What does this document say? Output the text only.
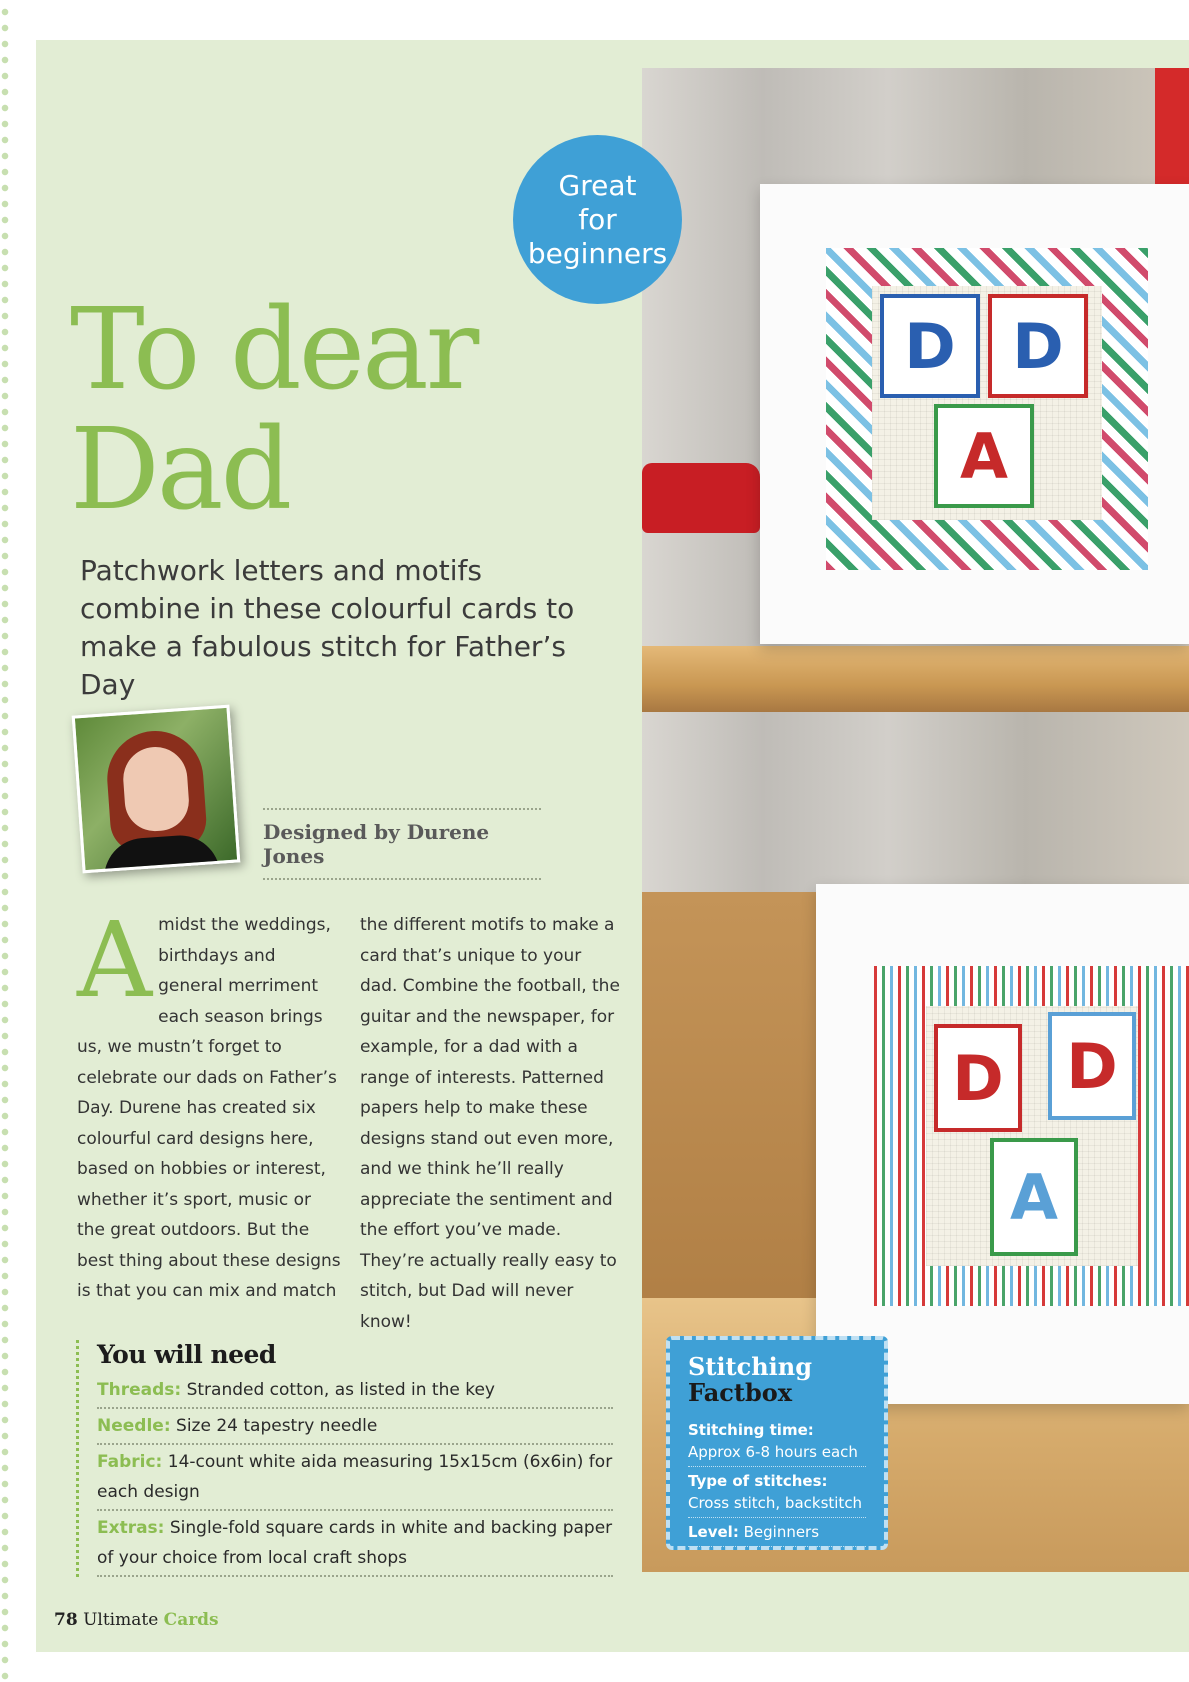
D D
A
D D
A
Great
for
beginners
To dear
Dad

Patchwork letters and motifs combine in these colourful cards to make a fabulous stitch for Father’s Day

Designed by Durene Jones

A midst the weddings, birthdays and general merriment each season brings us, we mustn’t forget to celebrate our dads on Father’s Day. Durene has created six colourful card designs here, based on hobbies or interest, whether it’s sport, music or the great outdoors. But the best thing about these designs is that you can mix and match

the different motifs to make a card that’s unique to your dad. Combine the football, the guitar and the newspaper, for example, for a dad with a range of interests. Patterned papers help to make these designs stand out even more, and we think he’ll really appreciate the sentiment and the effort you’ve made. They’re actually really easy to stitch, but Dad will never know!

You will need
Threads: Stranded cotton, as listed in the key
Needle: Size 24 tapestry needle
Fabric: 14-count white aida measuring 15x15cm (6x6in) for each design
Extras: Single-fold square cards in white and backing paper of your choice from local craft shops
Stitching
Factbox
Stitching time:
Approx 6-8 hours each
Type of stitches:
Cross stitch, backstitch
Level: Beginners
78 Ultimate Cards
